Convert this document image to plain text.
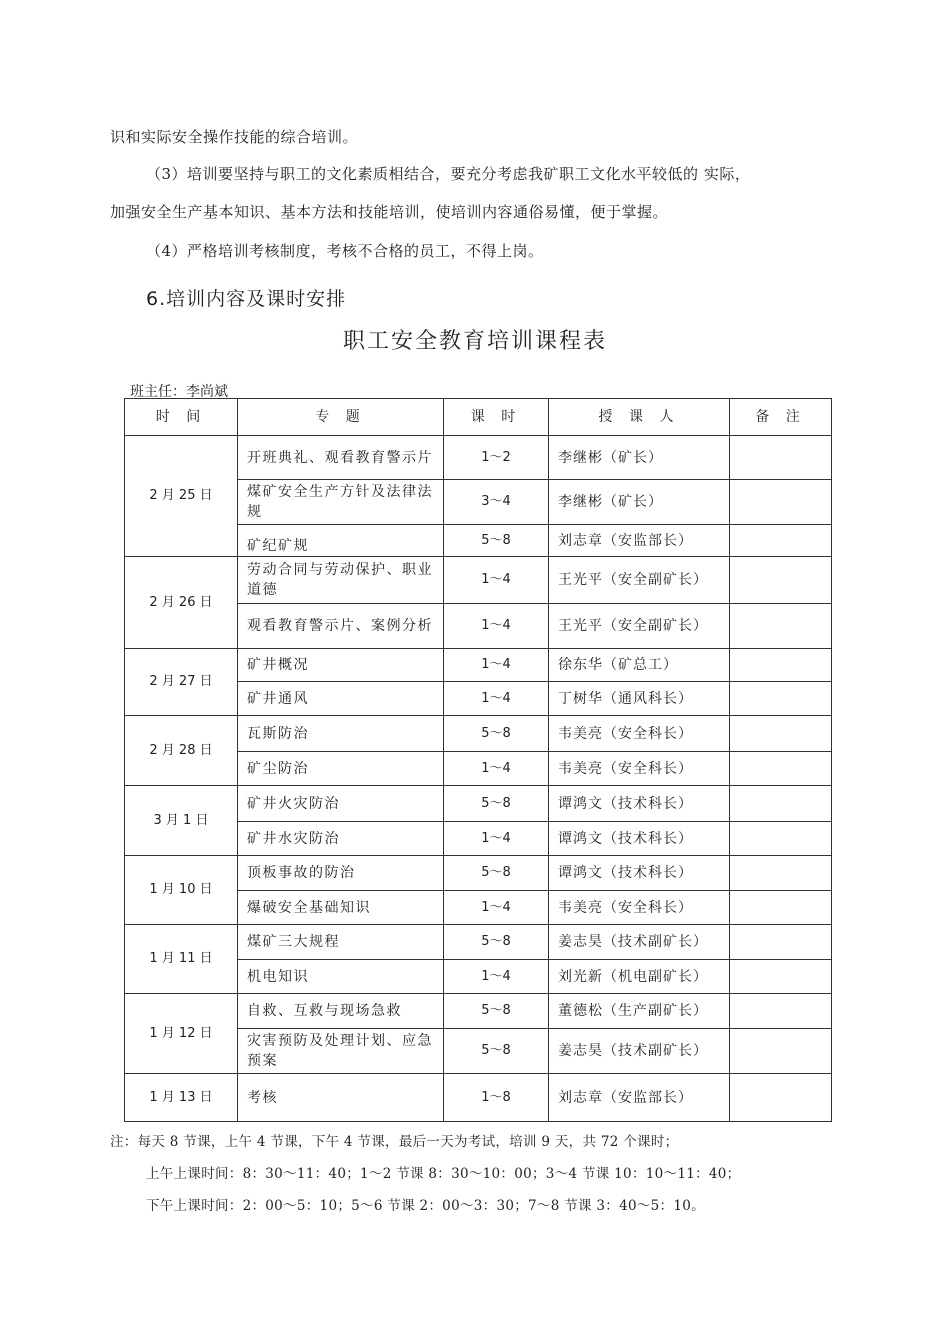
识和实际安全操作技能的综合培训。
（3）培训要坚持与职工的文化素质相结合，要充分考虑我矿职工文化水平较低的 实际，
加强安全生产基本知识、基本方法和技能培训，使培训内容通俗易懂，便于掌握。
（4）严格培训考核制度，考核不合格的员工，不得上岗。
6.培训内容及课时安排
职工安全教育培训课程表
班主任：李尚斌
时 间	专 题	课 时	授 课 人	备 注
2 月 25 日	开班典礼、观看教育警示片	1～2	李继彬（矿长）	
	煤矿安全生产方针及法律法规	3～4	李继彬（矿长）	
	矿纪矿规	5～8	刘志章（安监部长）	
2 月 26 日	劳动合同与劳动保护、职业道德	1～4	王光平（安全副矿长）	
	观看教育警示片、案例分析	1～4	王光平（安全副矿长）	
2 月 27 日	矿井概况	1～4	徐东华（矿总工）	
	矿井通风	1～4	丁树华（通风科长）	
2 月 28 日	瓦斯防治	5～8	韦美亮（安全科长）	
	矿尘防治	1～4	韦美亮（安全科长）	
3 月 1 日	矿井火灾防治	5～8	谭鸿文（技术科长）	
	矿井水灾防治	1～4	谭鸿文（技术科长）	
1 月 10 日	顶板事故的防治	5～8	谭鸿文（技术科长）	
	爆破安全基础知识	1～4	韦美亮（安全科长）	
1 月 11 日	煤矿三大规程	5～8	姜志昊（技术副矿长）	
	机电知识	1～4	刘光新（机电副矿长）	
1 月 12 日	自救、互救与现场急救	5～8	董德松（生产副矿长）	
	灾害预防及处理计划、应急预案	5～8	姜志昊（技术副矿长）	
1 月 13 日	考核	1～8	刘志章（安监部长）	
注：每天 8 节课，上午 4 节课，下午 4 节课，最后一天为考试，培训 9 天，共 72 个课时；
上午上课时间：8：30～11：40；1～2 节课 8：30～10：00；3～4 节课 10：10～11：40；
下午上课时间：2：00～5：10；5～6 节课 2：00～3：30；7～8 节课 3：40～5：10。
